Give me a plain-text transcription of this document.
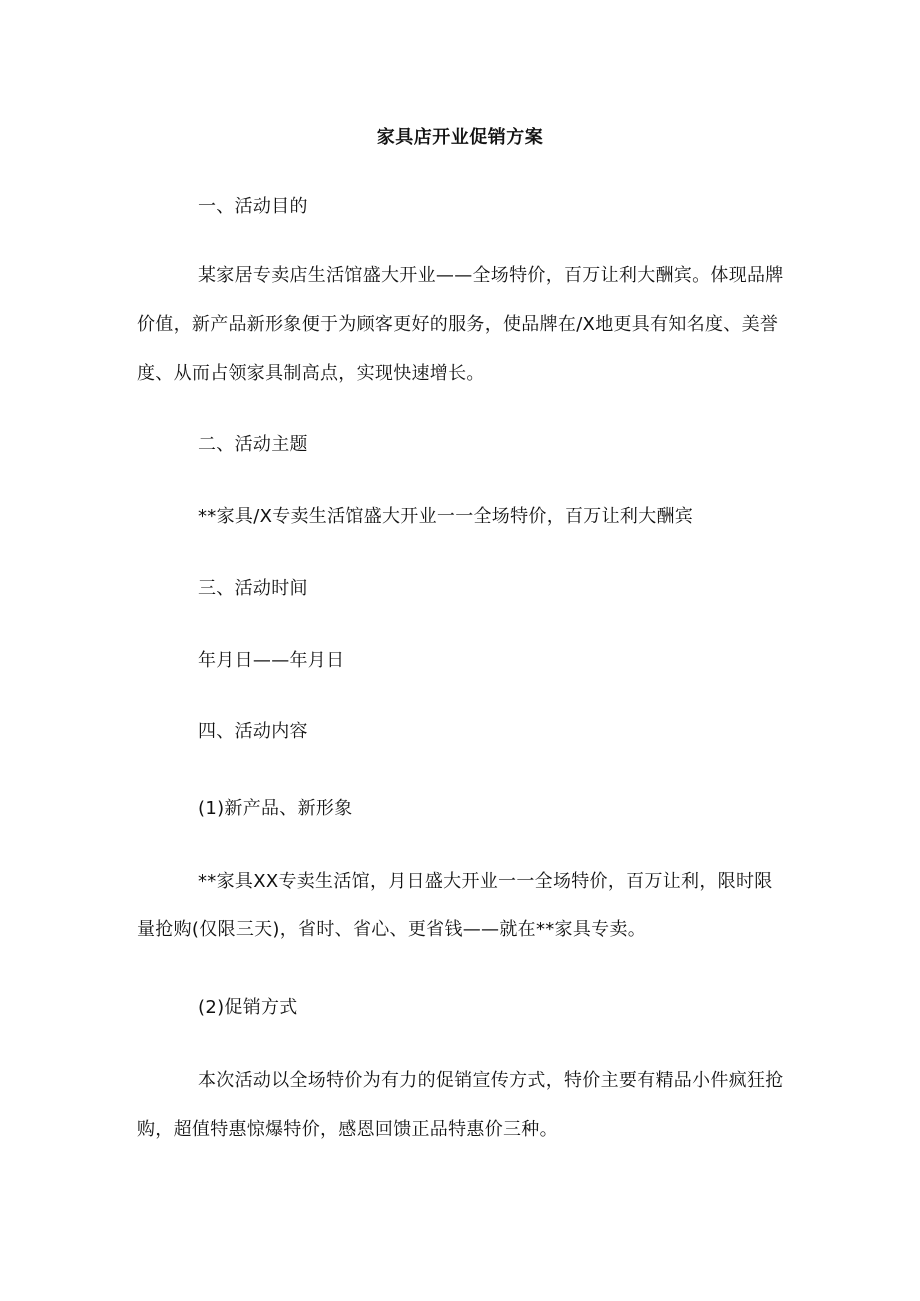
家具店开业促销方案
一、活动目的
某家居专卖店生活馆盛大开业——全场特价，百万让利大酬宾。体现品牌
价值，新产品新形象便于为顾客更好的服务，使品牌在/X地更具有知名度、美誉
度、从而占领家具制高点，实现快速增长。
二、活动主题
**家具/X专卖生活馆盛大开业一一全场特价，百万让利大酬宾
三、活动时间
年月日——年月日
四、活动内容
(1)新产品、新形象
**家具XX专卖生活馆，月日盛大开业一一全场特价，百万让利，限时限
量抢购(仅限三天)，省时、省心、更省钱——就在**家具专卖。
(2)促销方式
本次活动以全场特价为有力的促销宣传方式，特价主要有精品小件疯狂抢
购，超值特惠惊爆特价，感恩回馈正品特惠价三种。
